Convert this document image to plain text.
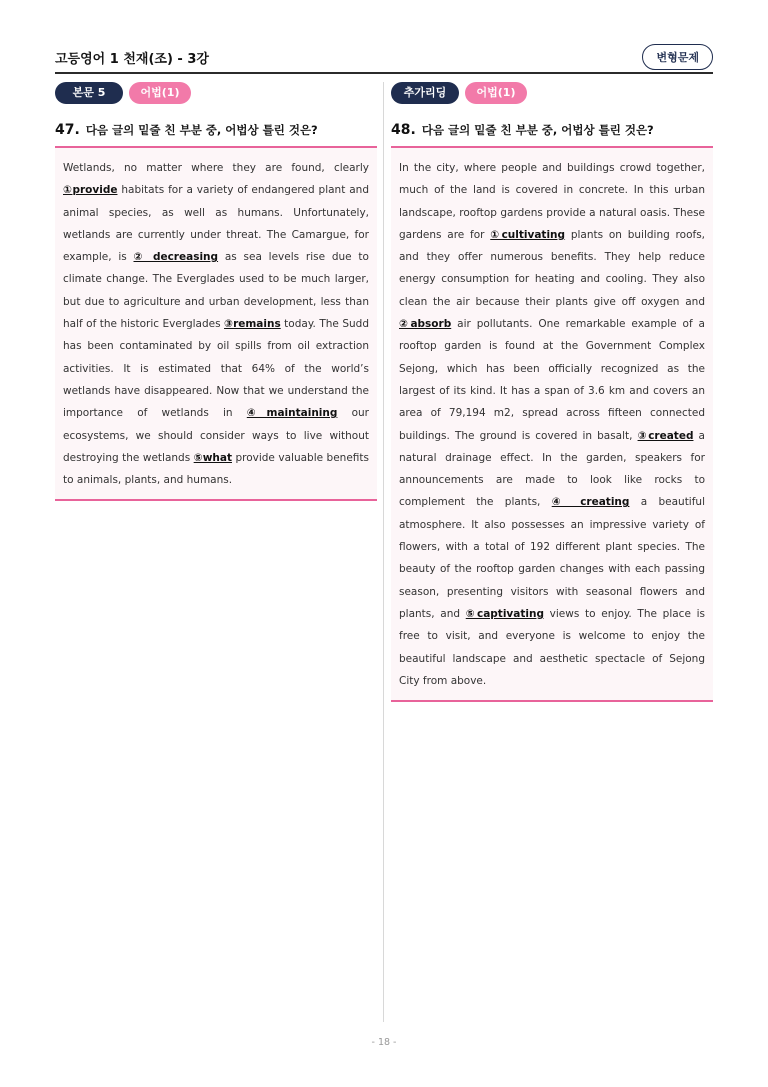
고등영어 1 천재(조) - 3강	변형문제
본문 5	어법(1)
47. 다음 글의 밑줄 친 부분 중, 어법상 틀린 것은?
Wetlands, no matter where they are found, clearly ①provide habitats for a variety of endangered plant and animal species, as well as humans. Unfortunately, wetlands are currently under threat. The Camargue, for example, is ② decreasing as sea levels rise due to climate change. The Everglades used to be much larger, but due to agriculture and urban development, less than half of the historic Everglades ③remains today. The Sudd has been contaminated by oil spills from oil extraction activities. It is estimated that 64% of the world’s wetlands have disappeared. Now that we understand the importance of wetlands in ④maintaining our ecosystems, we should consider ways to live without destroying the wetlands ⑤what provide valuable benefits to animals, plants, and humans.
추가리딩	어법(1)
48. 다음 글의 밑줄 친 부분 중, 어법상 틀린 것은?
In the city, where people and buildings crowd together, much of the land is covered in concrete. In this urban landscape, rooftop gardens provide a natural oasis. These gardens are for ①cultivating plants on building roofs, and they offer numerous benefits. They help reduce energy consumption for heating and cooling. They also clean the air because their plants give off oxygen and ②absorb air pollutants. One remarkable example of a rooftop garden is found at the Government Complex Sejong, which has been officially recognized as the largest of its kind. It has a span of 3.6 km and covers an area of 79,194 m2, spread across fifteen connected buildings. The ground is covered in basalt, ③created a natural drainage effect. In the garden, speakers for announcements are made to look like rocks to complement the plants, ④ creating a beautiful atmosphere. It also possesses an impressive variety of flowers, with a total of 192 different plant species. The beauty of the rooftop garden changes with each passing season, presenting visitors with seasonal flowers and plants, and ⑤captivating views to enjoy. The place is free to visit, and everyone is welcome to enjoy the beautiful landscape and aesthetic spectacle of Sejong City from above.
- 18 -
